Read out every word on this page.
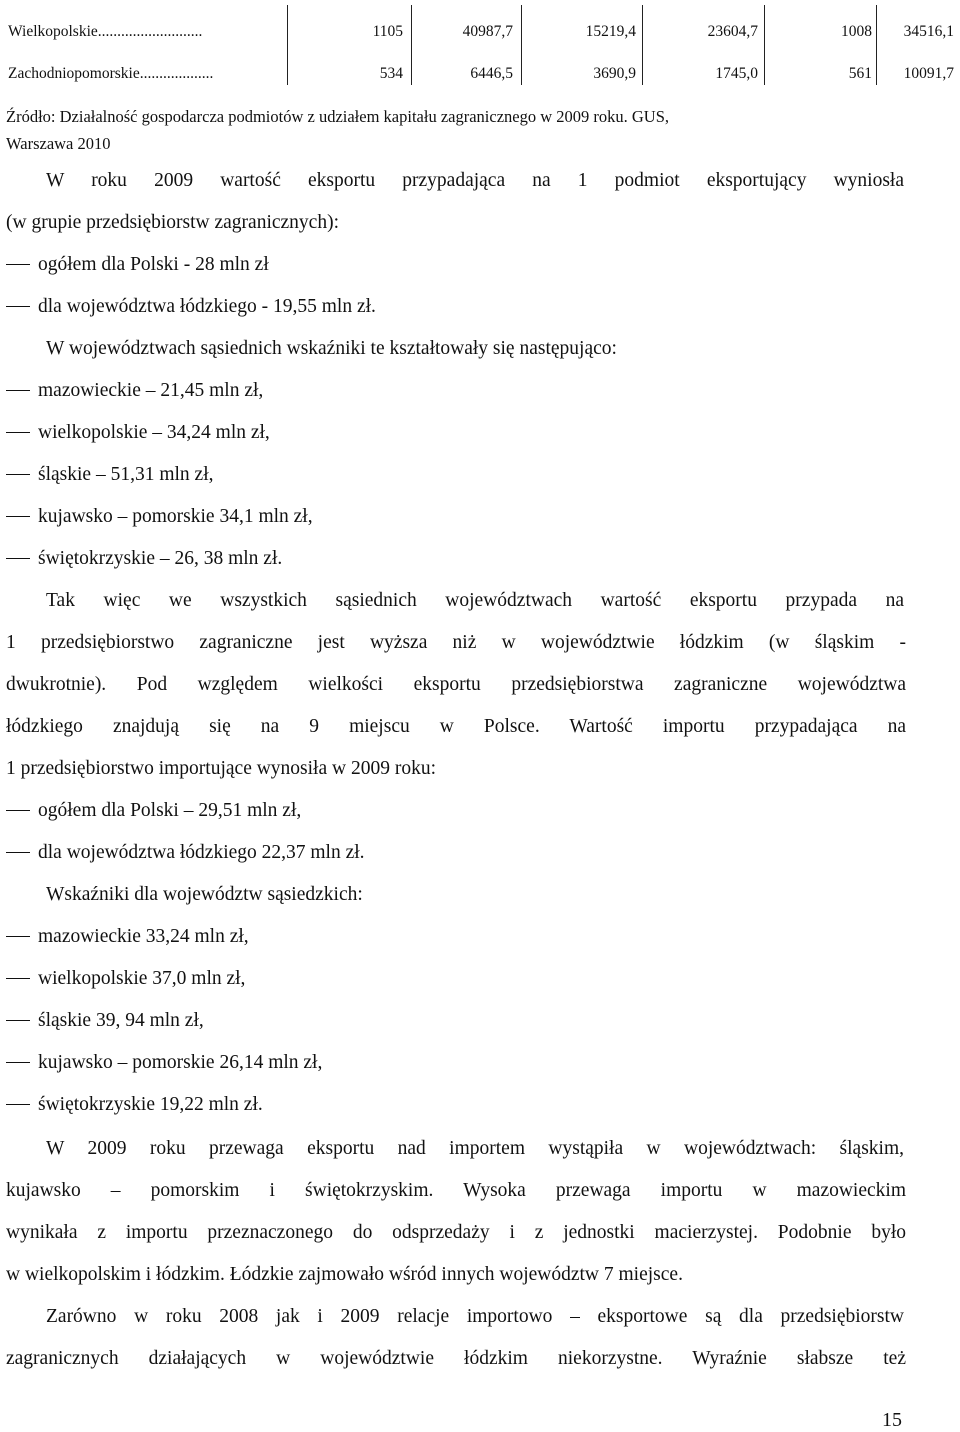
Wielkopolskie...........................	1105	40987,7	15219,4	23604,7	1008	34516,1
Zachodniopomorskie...................	534	6446,5	3690,9	1745,0	561	10091,7
Źródło: Działalność gospodarcza podmiotów z udziałem kapitału zagranicznego w 2009 roku. GUS,
Warszawa 2010
W roku 2009 wartość eksportu przypadająca na 1 podmiot eksportujący wyniosła
(w grupie przedsiębiorstw zagranicznych):
ogółem dla Polski - 28 mln zł
dla województwa łódzkiego - 19,55 mln zł.
W województwach sąsiednich wskaźniki te kształtowały się następująco:
mazowieckie – 21,45 mln zł,
wielkopolskie – 34,24 mln zł,
śląskie – 51,31 mln zł,
kujawsko – pomorskie 34,1 mln zł,
świętokrzyskie – 26, 38 mln zł.
Tak więc we wszystkich sąsiednich województwach wartość eksportu przypada na
1 przedsiębiorstwo zagraniczne jest wyższa niż w województwie łódzkim (w śląskim -
dwukrotnie). Pod względem wielkości eksportu przedsiębiorstwa zagraniczne województwa
łódzkiego znajdują się na 9 miejscu w Polsce. Wartość importu przypadająca na
1 przedsiębiorstwo importujące wynosiła w 2009 roku:
ogółem dla Polski – 29,51 mln zł,
dla województwa łódzkiego 22,37 mln zł.
Wskaźniki dla województw sąsiedzkich:
mazowieckie 33,24 mln zł,
wielkopolskie 37,0 mln zł,
śląskie 39, 94 mln zł,
kujawsko – pomorskie 26,14 mln zł,
świętokrzyskie 19,22 mln zł.
W 2009 roku przewaga eksportu nad importem wystąpiła w województwach: śląskim,
kujawsko – pomorskim i świętokrzyskim. Wysoka przewaga importu w mazowieckim
wynikała z importu przeznaczonego do odsprzedaży i z jednostki macierzystej. Podobnie było
w wielkopolskim i łódzkim. Łódzkie zajmowało wśród innych województw 7 miejsce.
Zarówno w roku 2008 jak i 2009 relacje importowo – eksportowe są dla przedsiębiorstw
zagranicznych działających w województwie łódzkim niekorzystne. Wyraźnie słabsze też
15
